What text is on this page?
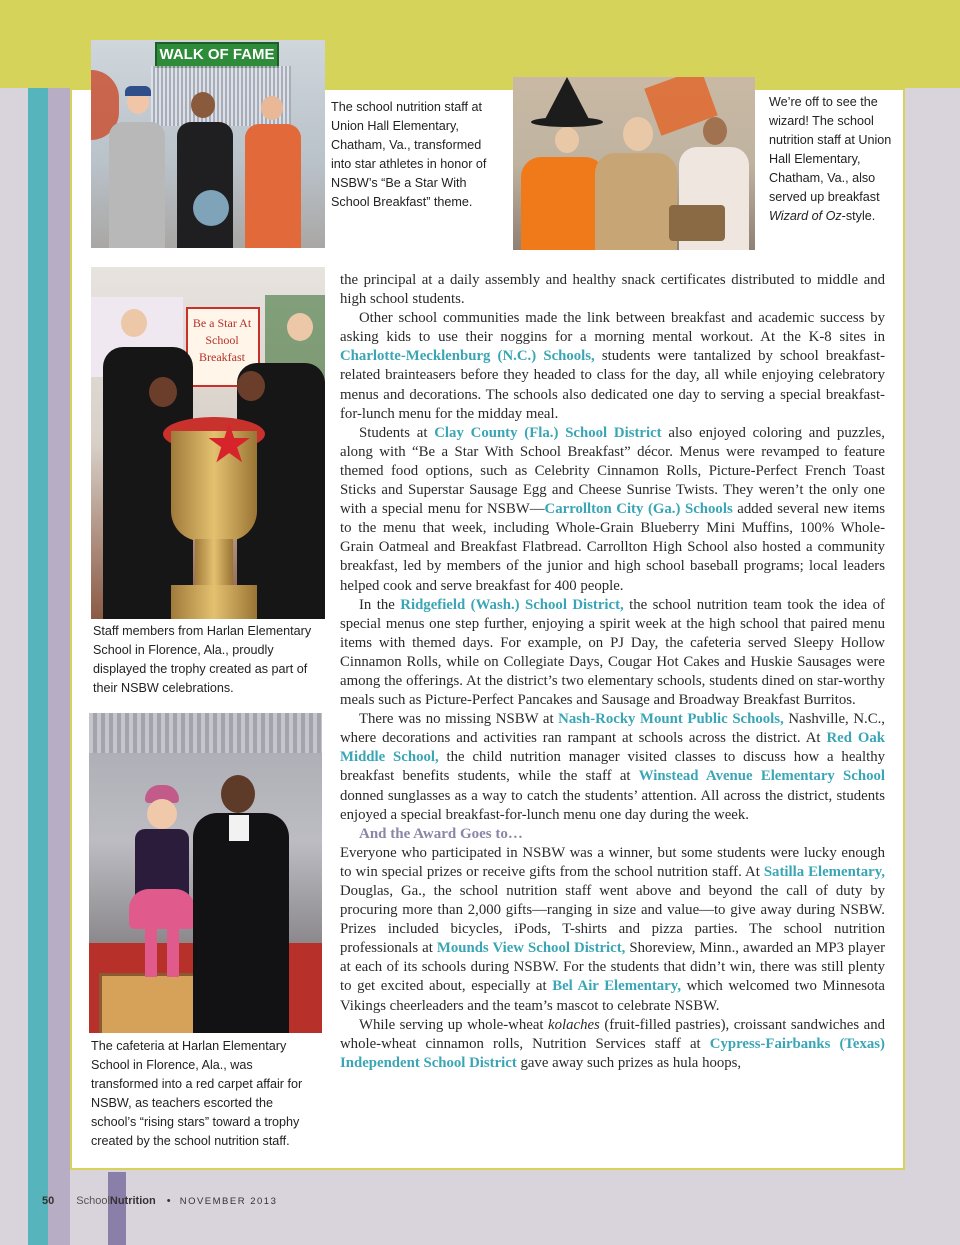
WALK OF FAME
The school nutrition staff at Union Hall Elementary, Chatham, Va., transformed into star athletes in honor of NSBW’s “Be a Star With School Breakfast” theme.
We’re off to see the wizard! The school nutrition staff at Union Hall Elementary, Chatham, Va., also served up breakfast Wizard of Oz-style.
Be a Star At School Breakfast
★
Staff members from Harlan Elementary School in Florence, Ala., proudly displayed the trophy created as part of their NSBW celebrations.
The cafeteria at Harlan Elementary School in Florence, Ala., was transformed into a red carpet affair for NSBW, as teachers escorted the school’s “rising stars” toward a trophy created by the school nutrition staff.

the principal at a daily assembly and healthy snack certificates distributed to middle and high school students.

Other school communities made the link between breakfast and academic success by asking kids to use their noggins for a morning mental workout. At the K-8 sites in Charlotte-Mecklenburg (N.C.) Schools, students were tantalized by school breakfast-related brainteasers before they headed to class for the day, all while enjoying celebratory menus and decorations. The schools also dedicated one day to serving a special breakfast-for-lunch menu for the midday meal.

Students at Clay County (Fla.) School District also enjoyed coloring and puzzles, along with “Be a Star With School Breakfast” décor. Menus were revamped to feature themed food options, such as Celebrity Cinnamon Rolls, Picture-Perfect French Toast Sticks and Superstar Sausage Egg and Cheese Sunrise Twists. They weren’t the only one with a special menu for NSBW—Carrollton City (Ga.) Schools added several new items to the menu that week, including Whole-Grain Blueberry Mini Muffins, 100% Whole-Grain Oatmeal and Breakfast Flatbread. Carrollton High School also hosted a community breakfast, led by members of the junior and high school baseball programs; local leaders helped cook and serve breakfast for 400 people.

In the Ridgefield (Wash.) School District, the school nutrition team took the idea of special menus one step further, enjoying a spirit week at the high school that paired menu items with themed days. For example, on PJ Day, the cafeteria served Sleepy Hollow Cinnamon Rolls, while on Collegiate Days, Cougar Hot Cakes and Huskie Sausages were among the offerings. At the district’s two elementary schools, students dined on star-worthy meals such as Picture-Perfect Pancakes and Sausage and Broadway Breakfast Burritos.

There was no missing NSBW at Nash-Rocky Mount Public Schools, Nashville, N.C., where decorations and activities ran rampant at schools across the district. At Red Oak Middle School, the child nutrition manager visited classes to discuss how a healthy breakfast benefits students, while the staff at Winstead Avenue Elementary School donned sunglasses as a way to catch the students’ attention. All across the district, students enjoyed a special breakfast-for-lunch menu one day during the week.

And the Award Goes to…

Everyone who participated in NSBW was a winner, but some students were lucky enough to win special prizes or receive gifts from the school nutrition staff. At Satilla Elementary, Douglas, Ga., the school nutrition staff went above and beyond the call of duty by procuring more than 2,000 gifts—ranging in size and value—to give away during NSBW. Prizes included bicycles, iPods, T-shirts and pizza parties. The school nutrition professionals at Mounds View School District, Shoreview, Minn., awarded an MP3 player at each of its schools during NSBW. For the students that didn’t win, there was still plenty to get excited about, especially at Bel Air Elementary, which welcomed two Minnesota Vikings cheerleaders and the team’s mascot to celebrate NSBW.

While serving up whole-wheat kolaches (fruit-filled pastries), croissant sandwiches and whole-wheat cinnamon rolls, Nutrition Services staff at Cypress-Fairbanks (Texas) Independent School District gave away such prizes as hula hoops,

50 SchoolNutrition • NOVEMBER 2013
